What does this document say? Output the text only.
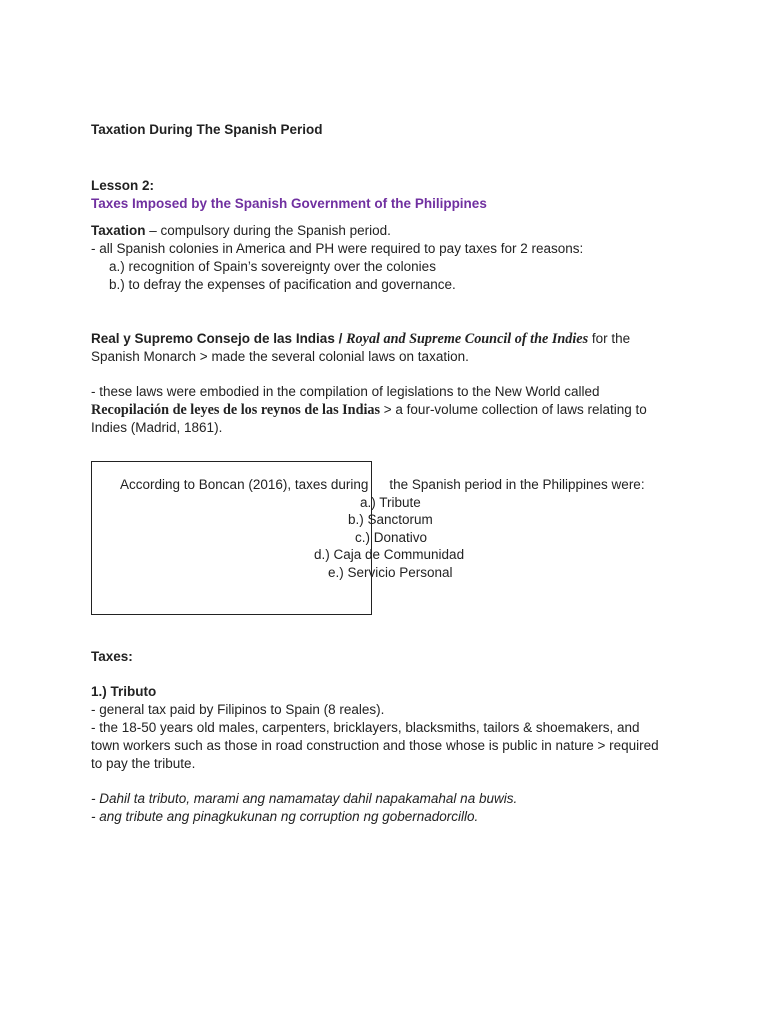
Taxation During The Spanish Period
Lesson 2:
Taxes Imposed by the Spanish Government of the Philippines
Taxation – compulsory during the Spanish period.
- all Spanish colonies in America and PH were required to pay taxes for 2 reasons:
a.) recognition of Spain’s sovereignty over the colonies
b.) to defray the expenses of pacification and governance.
Real y Supremo Consejo de las Indias / Royal and Supreme Council of the Indies for the
Spanish Monarch > made the several colonial laws on taxation.
- these laws were embodied in the compilation of legislations to the New World called
Recopilación de leyes de los reynos de las Indias > a four-volume collection of laws relating to
Indies (Madrid, 1861).
According to Boncan (2016), taxes during the Spanish period in the Philippines were:
a.) Tribute
b.) Sanctorum
c.) Donativo
d.) Caja de Communidad
e.) Servicio Personal
Taxes:
1.) Tributo
- general tax paid by Filipinos to Spain (8 reales).
- the 18-50 years old males, carpenters, bricklayers, blacksmiths, tailors & shoemakers, and
town workers such as those in road construction and those whose is public in nature > required
to pay the tribute.
- Dahil ta tributo, marami ang namamatay dahil napakamahal na buwis.
- ang tribute ang pinagkukunan ng corruption ng gobernadorcillo.
